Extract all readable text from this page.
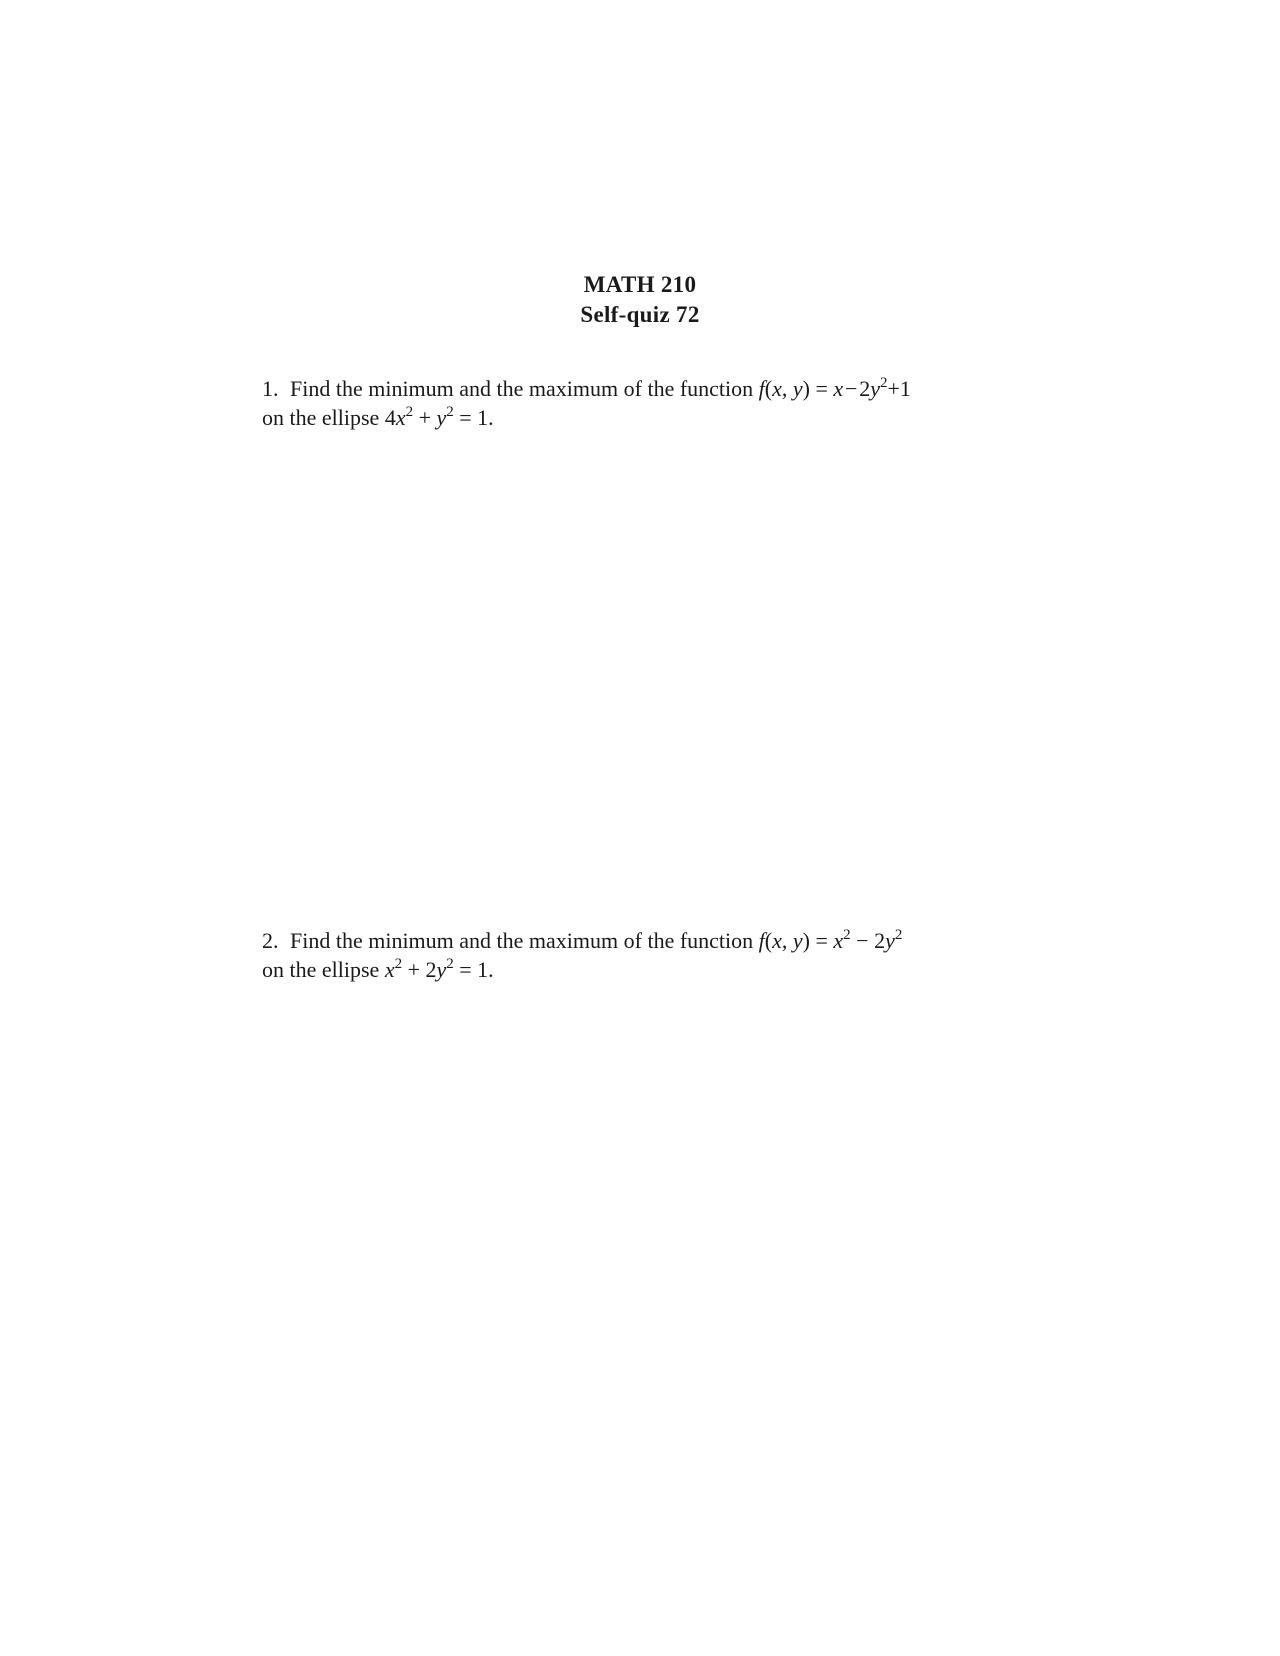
MATH 210
Self-quiz 72

1. Find the minimum and the maximum of the function f(x, y) = x − $2y^2+1$

on the ellipse $4x^2 + y^2 = 1$.

2. Find the minimum and the maximum of the function f(x, $y) = x^2 - 2y^2$

on the ellipse $x^2 + 2y^2 = 1$.
